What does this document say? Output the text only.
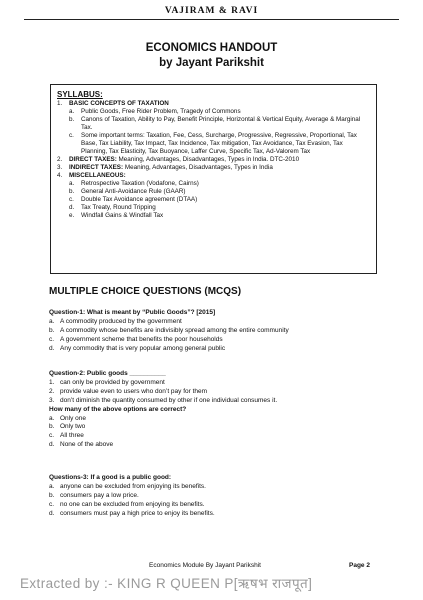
VAJIRAM & RAVI
ECONOMICS HANDOUT
by Jayant Parikshit
SYLLABUS:
1.	BASIC CONCEPTS OF TAXATION
a.	Public Goods, Free Rider Problem, Tragedy of Commons
b.	Canons of Taxation, Ability to Pay, Benefit Principle, Horizontal & Vertical Equity, Average & Marginal Tax.
c.	Some important terms: Taxation, Fee, Cess, Surcharge, Progressive, Regressive, Proportional, Tax Base, Tax Liability, Tax Impact, Tax Incidence, Tax mitigation, Tax Avoidance, Tax Evasion, Tax Planning, Tax Elasticity, Tax Buoyance, Laffer Curve, Specific Tax, Ad-Valorem Tax
2.	DIRECT TAXES: Meaning, Advantages, Disadvantages, Types in India. DTC-2010
3.	INDIRECT TAXES: Meaning, Advantages, Disadvantages, Types in India
4.	MISCELLANEOUS:
a.	Retrospective Taxation (Vodafone, Cairns)
b.	General Anti-Avoidance Rule (GAAR)
c.	Double Tax Avoidance agreement (DTAA)
d.	Tax Treaty, Round Tripping
e.	Windfall Gains & Windfall Tax
MULTIPLE CHOICE QUESTIONS (MCQS)
Question-1: What is meant by “Public Goods”? [2015]
a. A commodity produced by the government
b. A commodity whose benefits are indivisibly spread among the entire community
c. A government scheme that benefits the poor households
d. Any commodity that is very popular among general public
Question-2: Public goods __________
1. can only be provided by government
2. provide value even to users who don’t pay for them
3. don’t diminish the quantity consumed by other if one individual consumes it.
How many of the above options are correct?
a. Only one
b. Only two
c. All three
d. None of the above
Questions-3: If a good is a public good:
a. anyone can be excluded from enjoying its benefits.
b. consumers pay a low price.
c. no one can be excluded from enjoying its benefits.
d. consumers must pay a high price to enjoy its benefits.
Economics Module By Jayant Parikshit	Page 2
Extracted by :- KING R QUEEN P[ऋषभ राजपूत]
